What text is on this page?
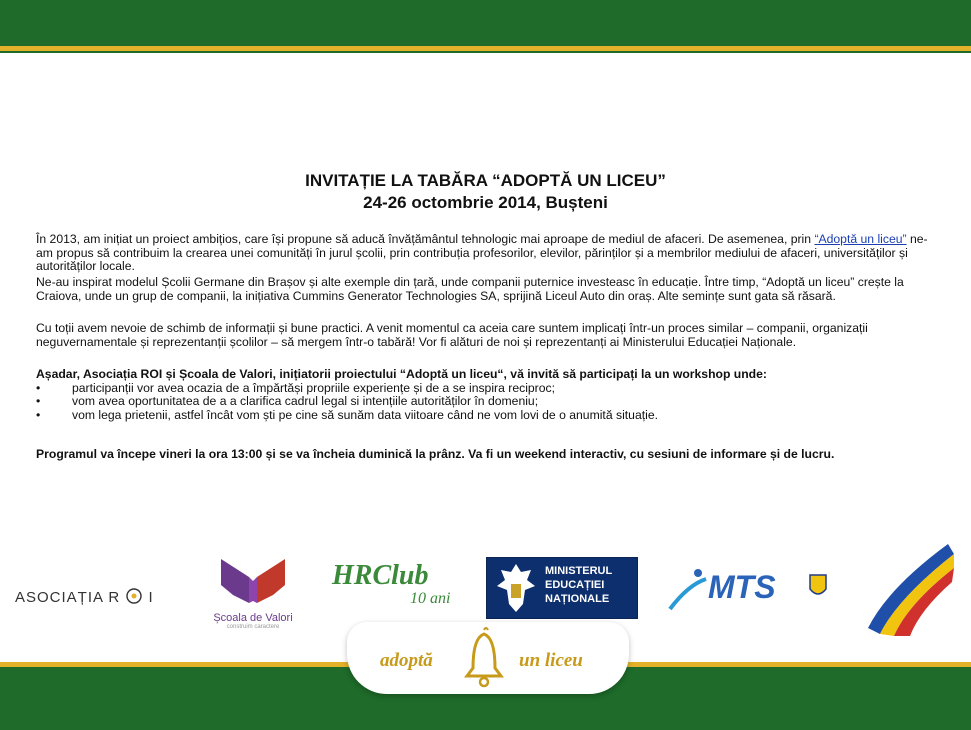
INVITAȚIE LA TABĂRA “ADOPTĂ UN LICEU”
24-26 octombrie 2014, Bușteni
În 2013, am inițiat un proiect ambițios, care își propune să aducă învățământul tehnologic mai aproape de mediul de afaceri. De asemenea, prin “Adoptă un liceu” ne-am propus să contribuim la crearea unei comunități în jurul școlii, prin contribuția profesorilor, elevilor, părinților și a membrilor mediului de afaceri, universităților și autorităților locale.
Ne-au inspirat modelul Școlii Germane din Brașov și alte exemple din țară, unde companii puternice investeasc în educație. Între timp, “Adoptă un liceu” crește la Craiova, unde un grup de companii, la inițiativa Cummins Generator Technologies SA, sprijină Liceul Auto din oraș. Alte semințe sunt gata să răsară.
Cu toții avem nevoie de schimb de informații și bune practici. A venit momentul ca aceia care suntem implicați într-un proces similar – companii, organizații neguvernamentale și reprezentanții școlilor – să mergem într-o tabără! Vor fi alături de noi și reprezentanți ai Ministerului Educației Naționale.
Așadar, Asociația ROI și Școala de Valori, inițiatorii proiectului “Adoptă un liceu“, vă invită să participați la un workshop unde:
• participanții vor avea ocazia de a împărtăși propriile experiențe și de a se inspira reciproc;
• vom avea oportunitatea de a a clarifica cadrul legal si intențiile autorităților în domeniu;
• vom lega prietenii, astfel încât vom ști pe cine să sunăm data viitoare când ne vom lovi de o anumită situație.
Programul va începe vineri la ora 13:00 și se va încheia duminică la prânz. Va fi un weekend interactiv, cu sesiuni de informare și de lucru.
ASOCIAȚIA R I
Școala de Valori
construim caractere
HRClub
10 ani
MINISTERUL
EDUCAȚIEI
NAȚIONALE	MTS
adoptă	un liceu
